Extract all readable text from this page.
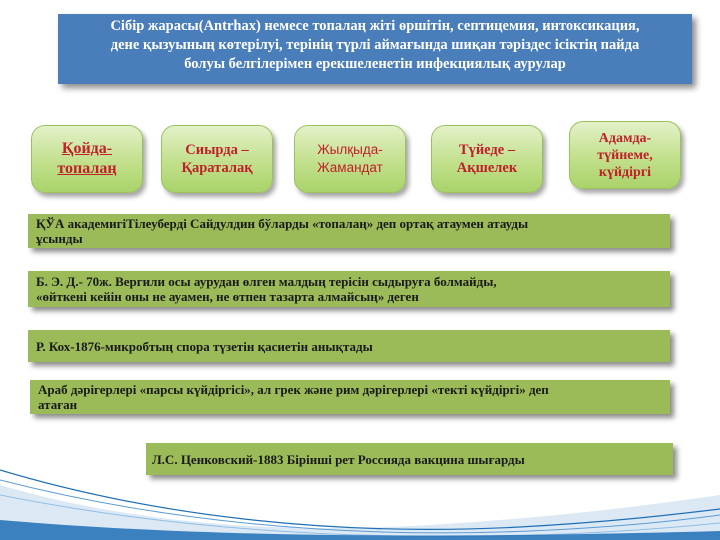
Сібір жарасы(Antrhax) немесе топалаң жіті өршітін, септицемия, интоксикация,
дене қызуының көтерілуі, терінің түрлі аймағында шиқан тәріздес ісіктің пайда
болуы белгілерімен ерекшеленетін инфекциялық аурулар
Қойда-
топалаң
Сиырда –
Қараталақ
Жылқыда-
Жамандат
Түйеде –
Ақшелек
Адамда-
түйнеме,
күйдіргі
ҚЎА академигіТілеуберді Сайдулдин бўларды «топалаң» деп ортақ атаумен атауды
ұсынды
Б. Э. Д.- 70ж. Вергили осы аурудан өлген малдың терісін сыдыруға болмайды,
«өйткені кейін оны не ауамен, не өтпен тазарта алмайсың» деген
Р. Кох-1876-микробтың спора түзетін қасиетін анықтады
Араб дәрігерлері «парсы күйдіргісі», ал грек және рим дәрігерлері «текті күйдіргі» деп
атаған
Л.С. Ценковский-1883 Бірінші рет Россияда вакцина шығарды
